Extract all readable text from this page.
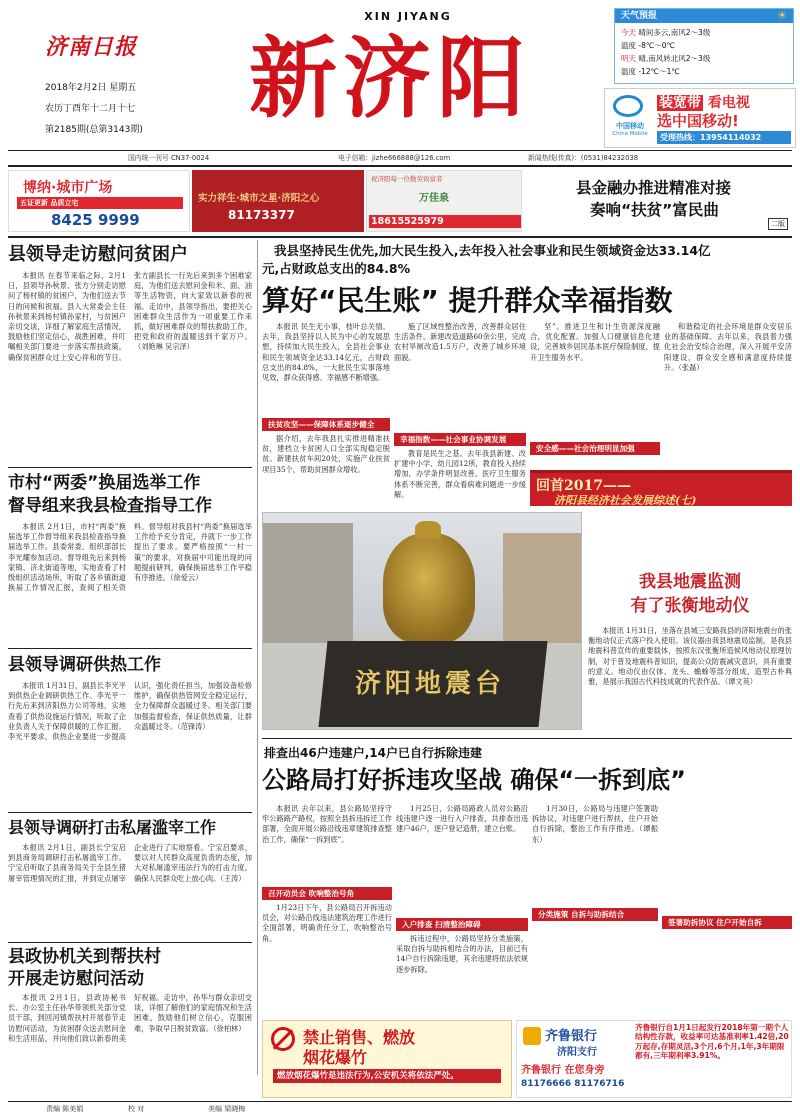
济南日报
2018年2月2日 星期五
农历丁酉年十二月十七
第2185期(总第3143期)
XIN JIYANG
新济阳
天气预报	☀
今天 晴间多云,南风2～3级
温度 -8℃～0℃
明天 晴,南风转北风2～3级
温度 -12℃～1℃
中国移动
China Mobile
装宽带 看电视
选中国移动!
受理热线：13954114032
国内统一刊号 CN37-0024	电子信箱：jizhe666888@126.com	新闻热线(传真)：(0531)84232038
博纳·城市广场
五证更新 品质立宅
8425 9999
实力祥生·城市之星·济阳之心
81173377
祝济阳每一位勤劳致富者
万佳泉
18615525979
县金融办推进精准对接
奏响“扶贫”富民曲
二版
县领导走访慰问贫困户
本报讯 在春节来临之际，2月1日，县领导孙秋景、张方分别走访慰问了杨村镇的贫困户，为他们送去节日的问候和祝福。县人大常委会主任孙秋景来到杨村镇孙家村，与贫困户亲切交谈，详细了解家庭生活情况，鼓励他们坚定信心，战胜困难，并叮嘱相关部门要进一步落实帮扶政策，确保贫困群众过上安心祥和的节日。张方副县长一行先后来到多个困难家庭，为他们送去慰问金和米、面、油等生活物资，向大家致以新春的祝福。走访中，县领导指出，要把关心困难群众生活作为一项重要工作来抓，做好困难群众的帮扶救助工作，把党和政府的温暖送到千家万户。（刘艳琳 吴宗泽）
市村“两委”换届选举工作
督导组来我县检查指导工作
本报讯 2月1日，市村“两委”换届选举工作督导组来我县检查指导换届选举工作。县委常委、组织部部长李光耀参加活动。督导组先后来到杨家镇、济北街道等地，实地查看了村级组织活动场所，听取了各乡镇街道换届工作情况汇报，查阅了相关资料。督导组对我县村“两委”换届选举工作给予充分肯定，并就下一步工作提出了要求。要严格按照“一村一策”的要求，对换届中可能出现的问题提前研判，确保换届选举工作平稳有序推进。（徐爱云）
县领导调研供热工作
本报讯 1月31日，副县长李光平到供热企业调研供热工作。李光平一行先后来到济阳热力公司等地，实地查看了供热设施运行情况，听取了企业负责人关于保障供暖的工作汇报。李光平要求，供热企业要进一步提高认识，强化责任担当，加强设备检修维护，确保供热管网安全稳定运行，全力保障群众温暖过冬。相关部门要加强监督检查，保证供热质量，让群众温暖过冬。（范锋涛）
县领导调研打击私屠滥宰工作
本报讯 2月1日，副县长宁宝启到县商务局调研打击私屠滥宰工作。宁宝启听取了县商务局关于全县生猪屠宰管理情况的汇报，并到定点屠宰企业进行了实地察看。宁宝启要求，要以对人民群众高度负责的态度，加大对私屠滥宰违法行为的打击力度，确保人民群众吃上放心肉。（王涛）
县政协机关到帮扶村
开展走访慰问活动
本报讯 2月1日，县政协秘书长、办公室主任孙华带领机关部分党员干部，到回河镇帮扶村开展春节走访慰问活动，为贫困群众送去慰问金和生活用品，并向他们致以新春的美好祝福。走访中，孙华与群众亲切交谈，详细了解他们的家庭情况和生活困难，鼓励他们树立信心，克服困难，争取早日脱贫致富。（徐柏林）
我县坚持民生优先,加大民生投入,去年投入社会事业和民生领域资金达33.14亿
元,占财政总支出的84.8%
算好“民生账” 提升群众幸福指数
本报讯 民生无小事，枝叶总关情。去年，我县坚持以人民为中心的发展思想，持续加大民生投入，全县社会事业和民生领域资金达33.14亿元，占财政总支出的84.8%，一大批民生实事落地见效，群众获得感、幸福感不断增强。
扶贫攻坚——保障体系逐步健全
据介绍，去年我县扎实推进精准扶贫，建档立卡贫困人口全部实现稳定脱贫。新建扶贫车间20处，实施产业扶贫项目35个，帮助贫困群众增收。
施了区域性整治改善，改善群众居住生活条件。新建改造道路60余公里，完成农村旱厕改造1.5万户，改善了城乡环境面貌。
幸福指数——社会事业协调发展
教育是民生之基。去年我县新建、改扩建中小学、幼儿园12所，教育投入持续增加，办学条件明显改善。医疗卫生服务体系不断完善，群众看病难问题进一步缓解。
坚”。推进卫生和计生资源深度融合，优化配置。加强人口健康信息化建设，完善城乡居民基本医疗保险制度，提升卫生服务水平。
安全感——社会治理明显加强
和谐稳定的社会环境是群众安居乐业的基础保障。去年以来，我县着力强化社会治安综合治理，深入开展平安济阳建设，群众安全感和满意度持续提升。（张磊）
回首2017——
济阳县经济社会发展综述(七)
济阳地震台
我县地震监测
有了张衡地动仪
本报讯 1月31日，坐落在县城三安路我县的济阳地震台的张衡地动仪正式落户投入使用。该仪器由我县地震局监制，是我县地震科普宣传的重要载体，按照东汉张衡所造候风地动仪原理仿制，对于普及地震科普知识，提高公众防震减灾意识，具有重要的意义。地动仪由仪体、龙头、蟾蜍等部分组成，造型古朴典雅，是展示我国古代科技成就的代表作品。（谭文英）
排查出46户违建户,14户已自行拆除违建
公路局打好拆违攻坚战 确保“一拆到底”
本报讯 去年以来，县公路局坚持守牢公路路产路权，按照全县拆违拆迁工作部署，全面开展公路沿线违章建筑排查整治工作，确保“一拆到底”。
召开动员会 吹响整治号角
1月23日下午，县公路局召开拆违动员会，对公路沿线违法建筑治理工作进行全面部署，明确责任分工，吹响整治号角。
1月25日，公路局路政人员对公路沿线违建户逐一进行入户排查，共排查出违建户46户，逐户登记造册，建立台账。
入户排查 扫清整治障碍
拆违过程中，公路局坚持分类施策，采取自拆与助拆相结合的办法，目前已有14户自行拆除违建，其余违建将依法依规逐步拆除。
1月30日，公路局与违建户签署助拆协议，对违建户进行帮扶，住户开始自行拆除，整治工作有序推进。（谭振东）
分类施策 自拆与助拆结合
签署助拆协议 住户开始自拆
禁止销售、燃放
烟花爆竹
燃放烟花爆竹是违法行为,公安机关将依法严处。
齐鲁银行
济阳支行
齐鲁银行 在您身旁
81176666 81176716
齐鲁银行自1月1日起发行2018年第一期个人结构性存款，收益率可达基准利率1.42倍,20万起存,存期灵活,3个月,6个月,1年,3年期限都有,三年期利率3.91%。
责编 陈美娟	校 对	美编 梁晓梅
